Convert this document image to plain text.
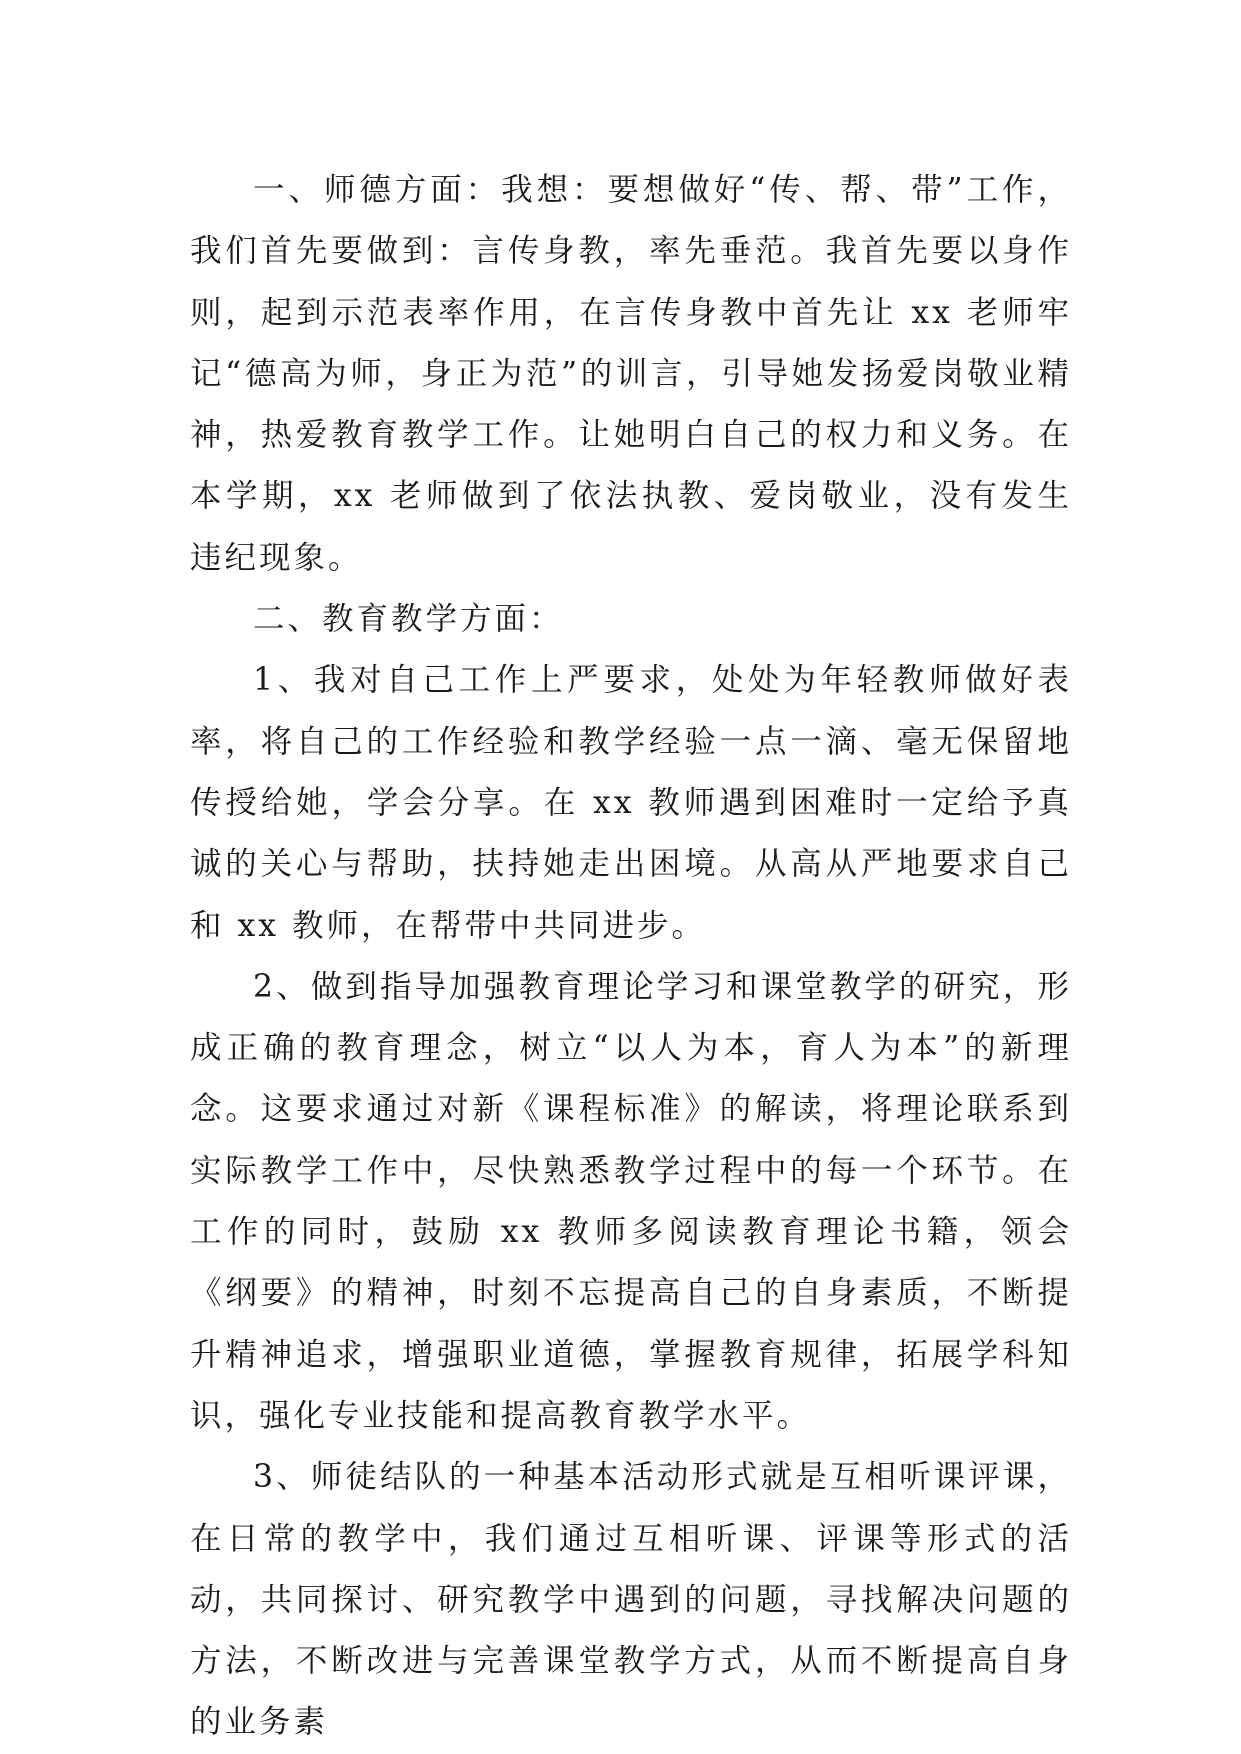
一、师德方面：我想：要想做好“传、帮、带”工作，我们首先要做到：言传身教，率先垂范。我首先要以身作则，起到示范表率作用，在言传身教中首先让 xx 老师牢记“德高为师，身正为范”的训言，引导她发扬爱岗敬业精神，热爱教育教学工作。让她明白自己的权力和义务。在本学期，xx 老师做到了依法执教、爱岗敬业，没有发生违纪现象。

二、教育教学方面：

1、我对自己工作上严要求，处处为年轻教师做好表率，将自己的工作经验和教学经验一点一滴、毫无保留地传授给她，学会分享。在 xx 教师遇到困难时一定给予真诚的关心与帮助，扶持她走出困境。从高从严地要求自己和 xx 教师，在帮带中共同进步。

2、做到指导加强教育理论学习和课堂教学的研究，形成正确的教育理念，树立“以人为本，育人为本”的新理念。这要求通过对新《课程标准》的解读，将理论联系到实际教学工作中，尽快熟悉教学过程中的每一个环节。在工作的同时，鼓励 xx 教师多阅读教育理论书籍，领会《纲要》的精神，时刻不忘提高自己的自身素质，不断提升精神追求，增强职业道德，掌握教育规律，拓展学科知识，强化专业技能和提高教育教学水平。

3、师徒结队的一种基本活动形式就是互相听课评课，在日常的教学中，我们通过互相听课、评课等形式的活动，共同探讨、研究教学中遇到的问题，寻找解决问题的方法，不断改进与完善课堂教学方式，从而不断提高自身的业务素
